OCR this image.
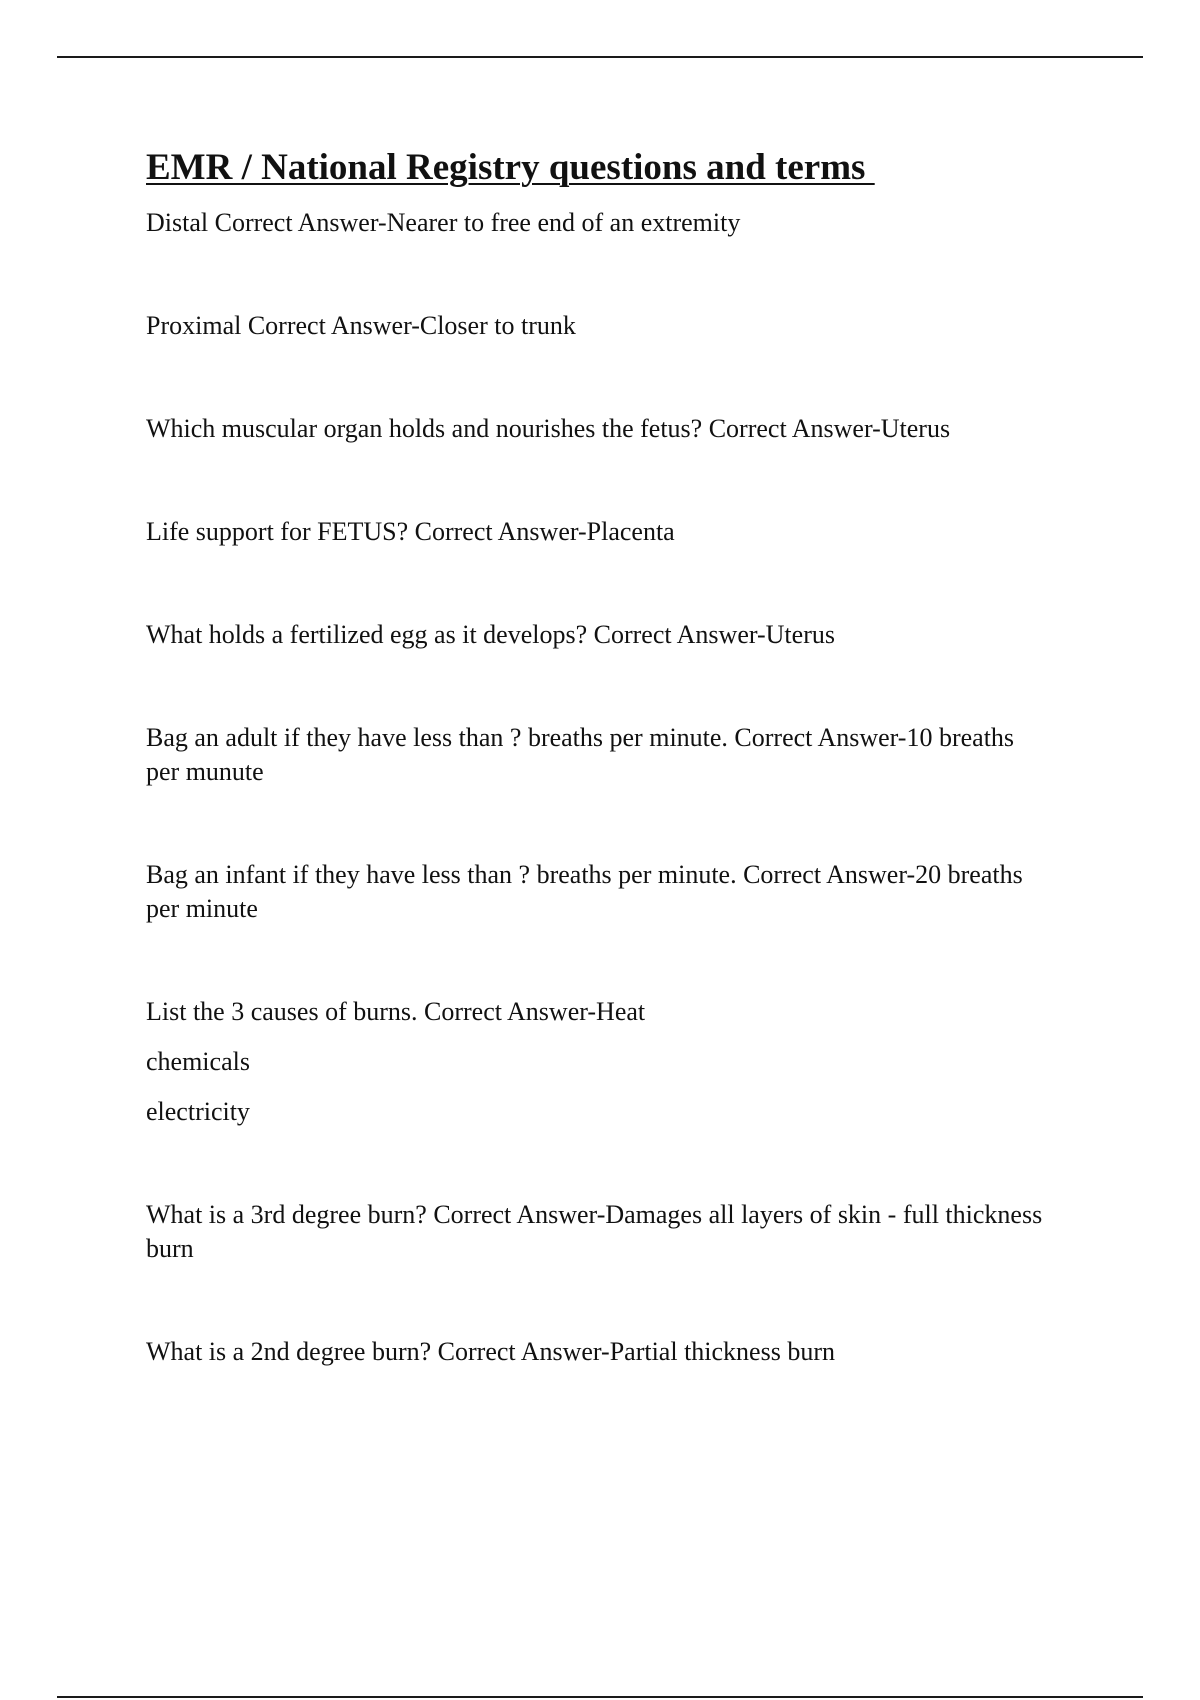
EMR / National Registry questions and terms
Distal Correct Answer-Nearer to free end of an extremity
Proximal Correct Answer-Closer to trunk
Which muscular organ holds and nourishes the fetus? Correct Answer-Uterus
Life support for FETUS? Correct Answer-Placenta
What holds a fertilized egg as it develops? Correct Answer-Uterus
Bag an adult if they have less than ? breaths per minute. Correct Answer-10 breaths per munute
Bag an infant if they have less than ? breaths per minute. Correct Answer-20 breaths per minute
List the 3 causes of burns. Correct Answer-Heat
chemicals
electricity
What is a 3rd degree burn? Correct Answer-Damages all layers of skin - full thickness burn
What is a 2nd degree burn? Correct Answer-Partial thickness burn
